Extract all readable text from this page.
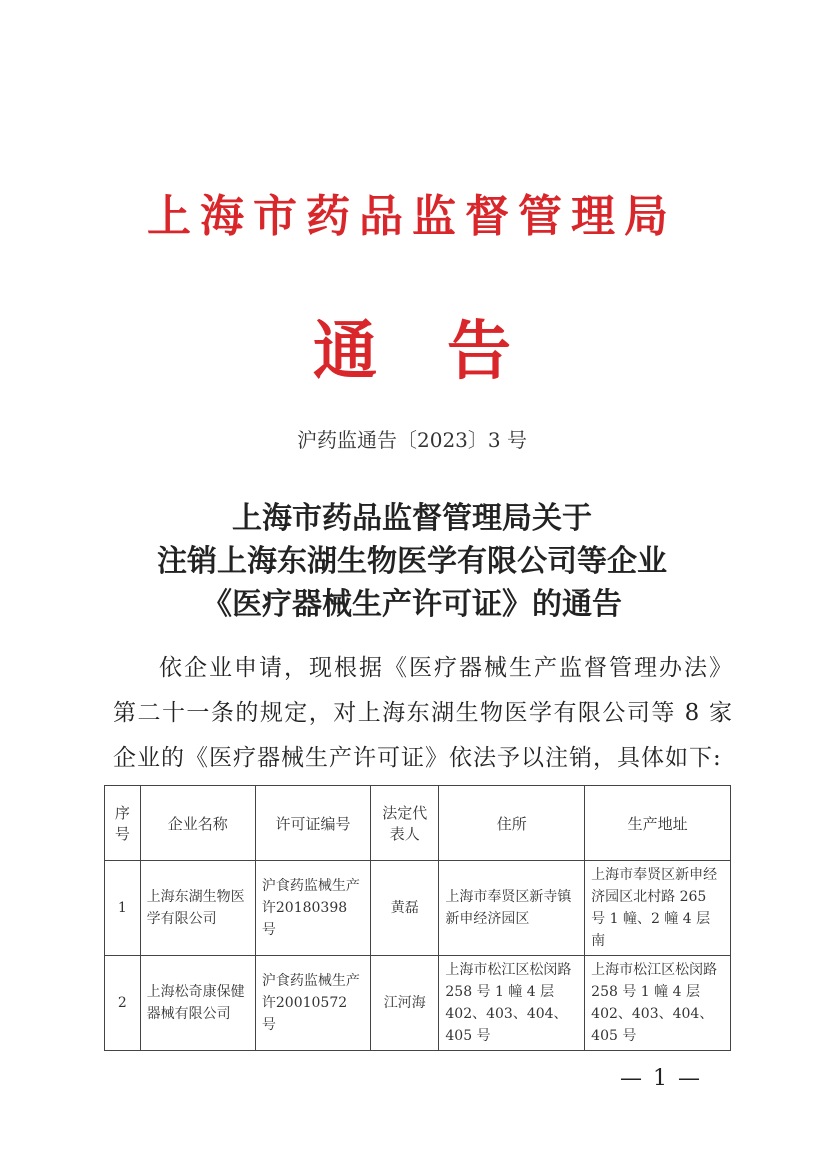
上海市药品监督管理局
通告
沪药监通告〔2023〕3 号
上海市药品监督管理局关于
注销上海东湖生物医学有限公司等企业
《医疗器械生产许可证》的通告
依企业申请，现根据《医疗器械生产监督管理办法》第二十一条的规定，对上海东湖生物医学有限公司等 8 家企业的《医疗器械生产许可证》依法予以注销，具体如下:
序号	企业名称	许可证编号	法定代表人	住所	生产地址
1	上海东湖生物医学有限公司	沪食药监械生产许20180398 号	黄磊	上海市奉贤区新寺镇新申经济园区	上海市奉贤区新申经济园区北村路 265 号 1 幢、2 幢 4 层南
2	上海松奇康保健器械有限公司	沪食药监械生产许20010572 号	江河海	上海市松江区松闵路 258 号 1 幢 4 层 402、403、404、405 号	上海市松江区松闵路 258 号 1 幢 4 层 402、403、404、405 号
— 1 —
